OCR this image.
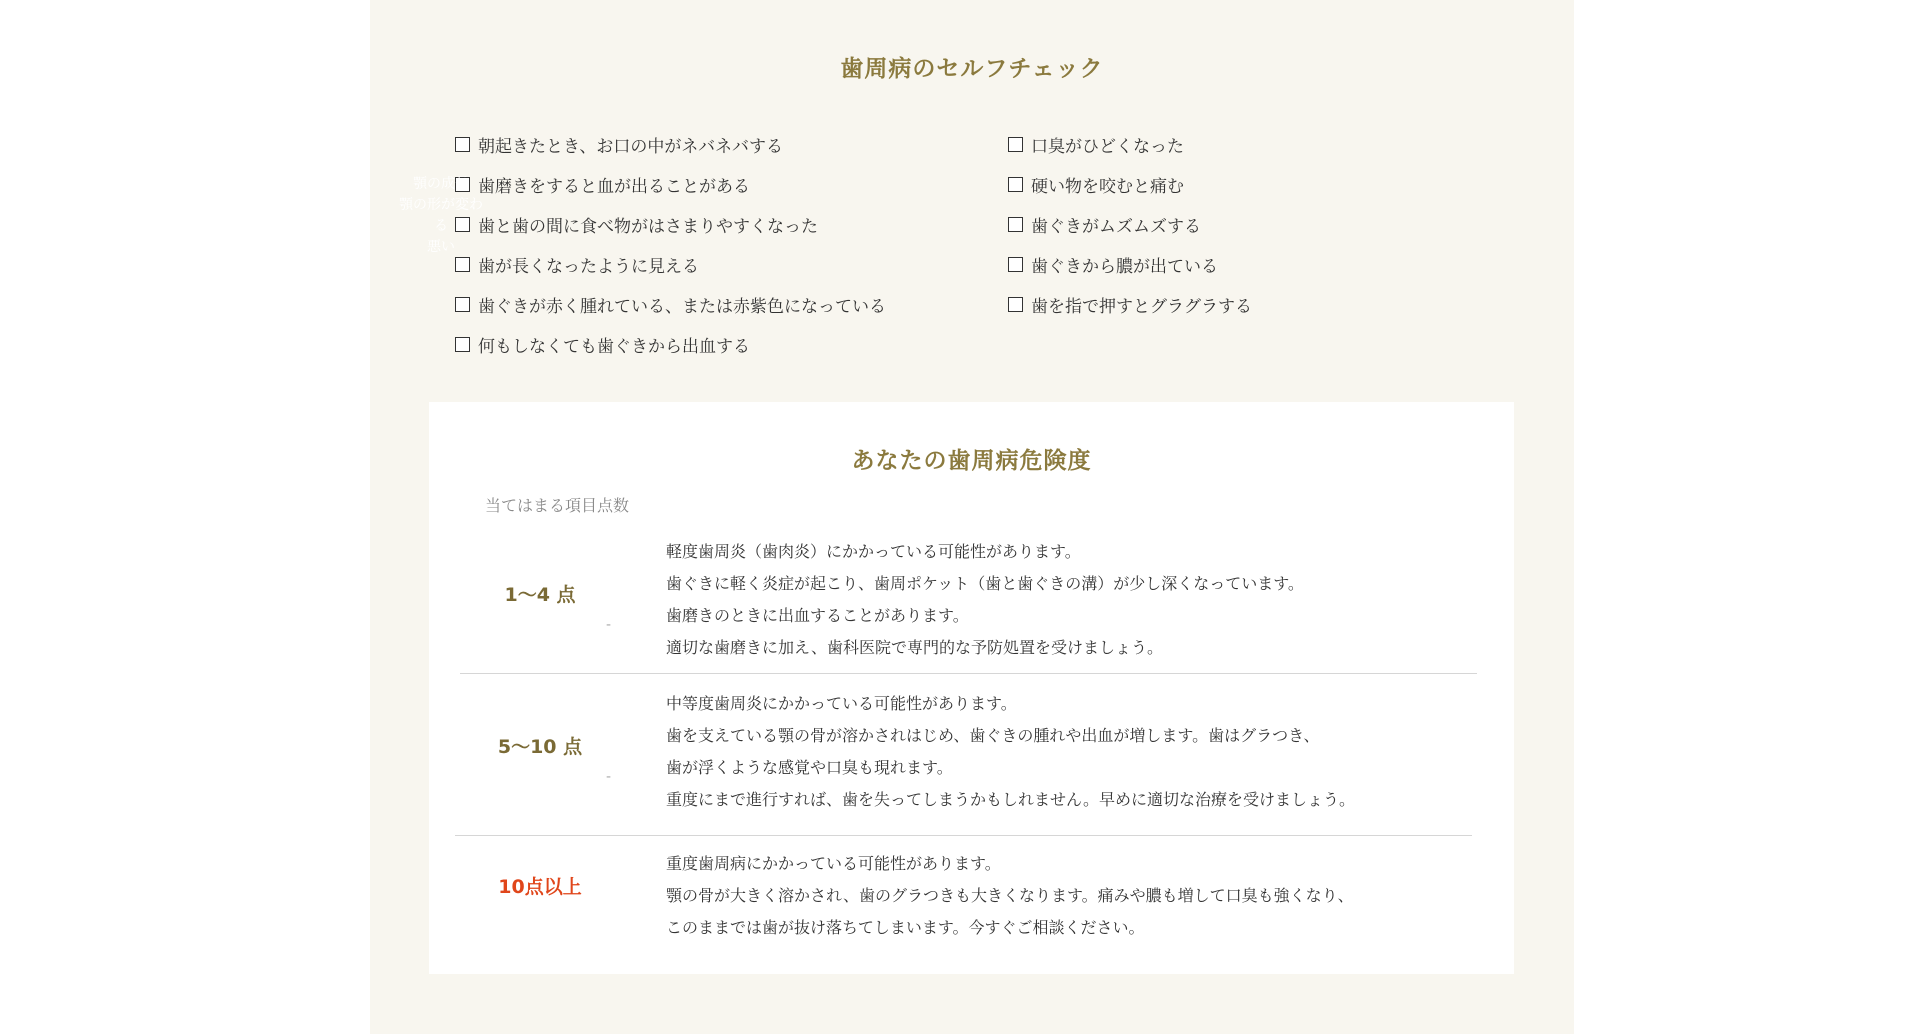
歯周病のセルフチェック
朝起きたとき、お口の中がネバネバする
歯磨きをすると血が出ることがある
歯と歯の間に食べ物がはさまりやすくなった
歯が長くなったように見える
歯ぐきが赤く腫れている、または赤紫色になっている
何もしなくても歯ぐきから出血する
口臭がひどくなった
硬い物を咬むと痛む
歯ぐきがムズムズする
歯ぐきから膿が出ている
歯を指で押すとグラグラする
顎の成長
顎の形が変わる
悪い
あなたの歯周病危険度
当てはまる項目点数
1〜4 点
-
軽度歯周炎（歯肉炎）にかかっている可能性があります。
歯ぐきに軽く炎症が起こり、歯周ポケット（歯と歯ぐきの溝）が少し深くなっています。
歯磨きのときに出血することがあります。
適切な歯磨きに加え、歯科医院で専門的な予防処置を受けましょう。
5〜10 点
-
中等度歯周炎にかかっている可能性があります。
歯を支えている顎の骨が溶かされはじめ、歯ぐきの腫れや出血が増します。歯はグラつき、
歯が浮くような感覚や口臭も現れます。
重度にまで進行すれば、歯を失ってしまうかもしれません。早めに適切な治療を受けましょう。
10点以上
重度歯周病にかかっている可能性があります。
顎の骨が大きく溶かされ、歯のグラつきも大きくなります。痛みや膿も増して口臭も強くなり、
このままでは歯が抜け落ちてしまいます。今すぐご相談ください。
